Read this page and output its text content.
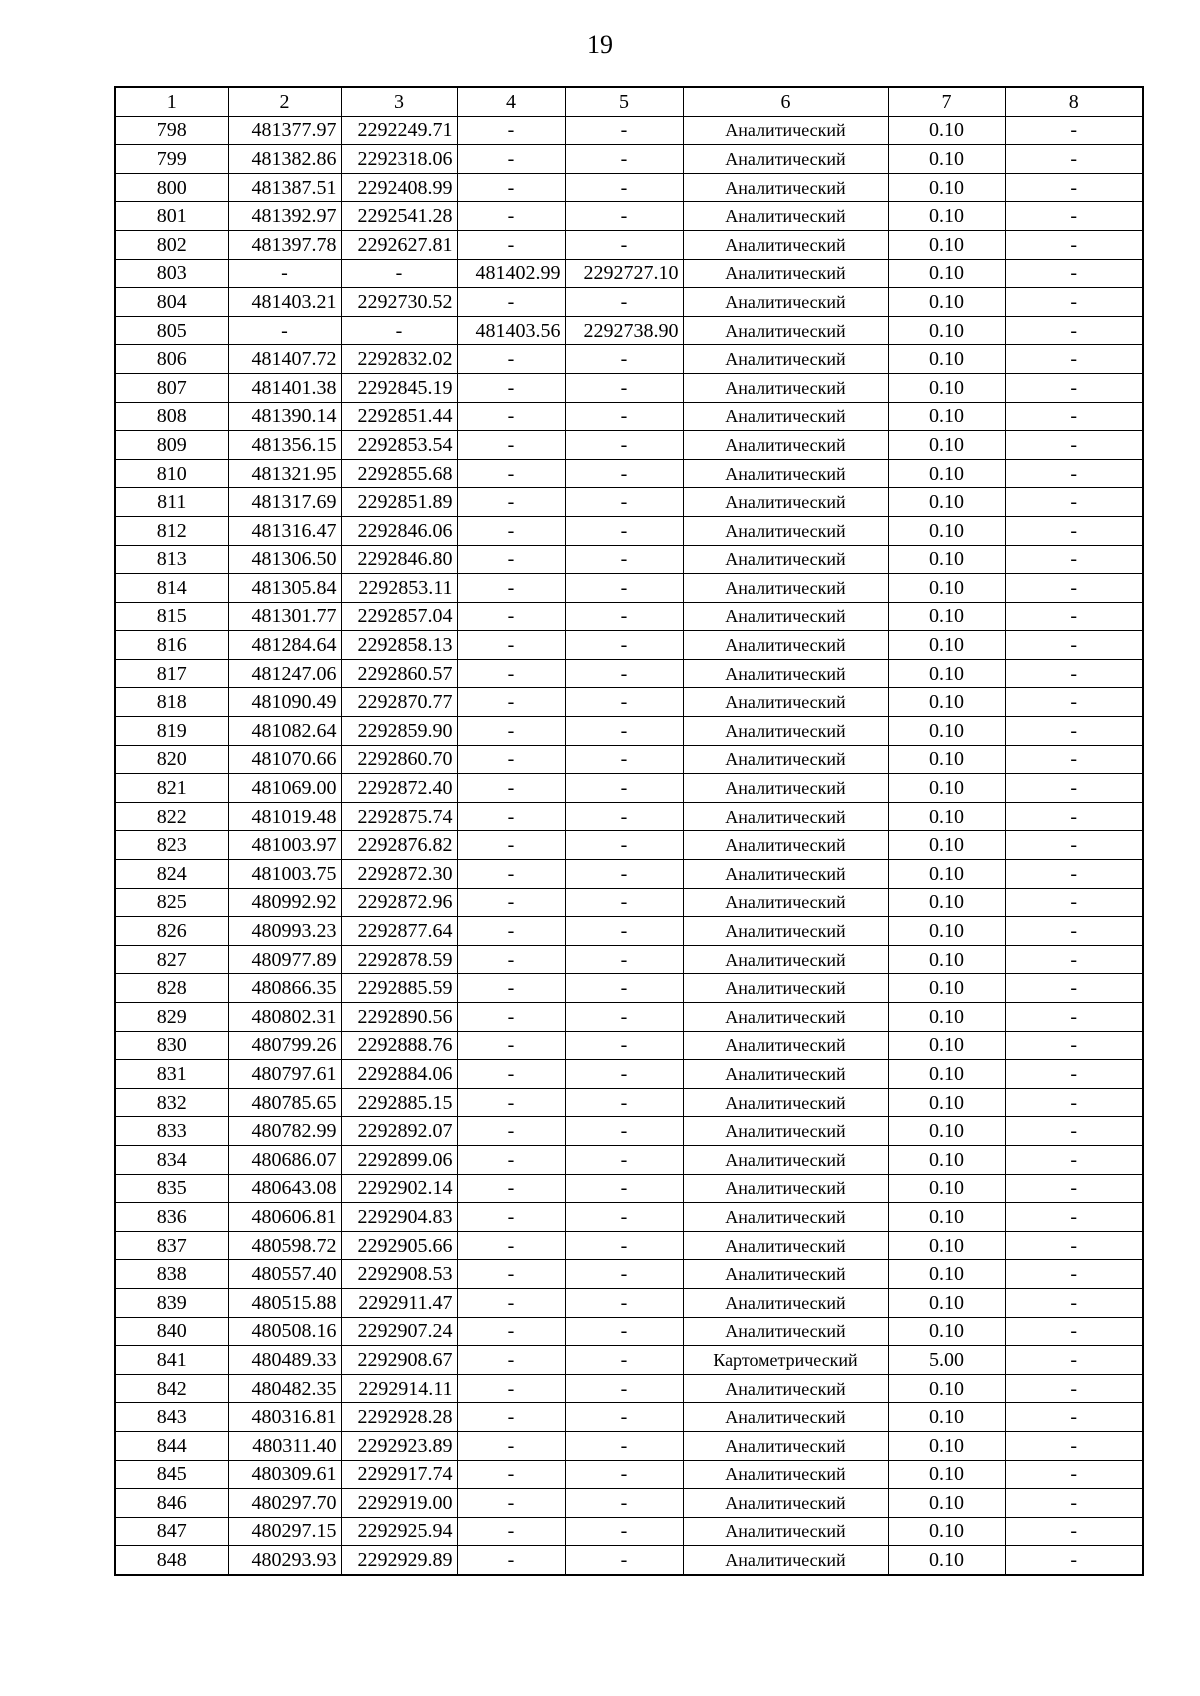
19
1	2	3	4	5	6	7	8
798	481377.97	2292249.71	-	-	Аналитический	0.10	-
799	481382.86	2292318.06	-	-	Аналитический	0.10	-
800	481387.51	2292408.99	-	-	Аналитический	0.10	-
801	481392.97	2292541.28	-	-	Аналитический	0.10	-
802	481397.78	2292627.81	-	-	Аналитический	0.10	-
803	-	-	481402.99	2292727.10	Аналитический	0.10	-
804	481403.21	2292730.52	-	-	Аналитический	0.10	-
805	-	-	481403.56	2292738.90	Аналитический	0.10	-
806	481407.72	2292832.02	-	-	Аналитический	0.10	-
807	481401.38	2292845.19	-	-	Аналитический	0.10	-
808	481390.14	2292851.44	-	-	Аналитический	0.10	-
809	481356.15	2292853.54	-	-	Аналитический	0.10	-
810	481321.95	2292855.68	-	-	Аналитический	0.10	-
811	481317.69	2292851.89	-	-	Аналитический	0.10	-
812	481316.47	2292846.06	-	-	Аналитический	0.10	-
813	481306.50	2292846.80	-	-	Аналитический	0.10	-
814	481305.84	2292853.11	-	-	Аналитический	0.10	-
815	481301.77	2292857.04	-	-	Аналитический	0.10	-
816	481284.64	2292858.13	-	-	Аналитический	0.10	-
817	481247.06	2292860.57	-	-	Аналитический	0.10	-
818	481090.49	2292870.77	-	-	Аналитический	0.10	-
819	481082.64	2292859.90	-	-	Аналитический	0.10	-
820	481070.66	2292860.70	-	-	Аналитический	0.10	-
821	481069.00	2292872.40	-	-	Аналитический	0.10	-
822	481019.48	2292875.74	-	-	Аналитический	0.10	-
823	481003.97	2292876.82	-	-	Аналитический	0.10	-
824	481003.75	2292872.30	-	-	Аналитический	0.10	-
825	480992.92	2292872.96	-	-	Аналитический	0.10	-
826	480993.23	2292877.64	-	-	Аналитический	0.10	-
827	480977.89	2292878.59	-	-	Аналитический	0.10	-
828	480866.35	2292885.59	-	-	Аналитический	0.10	-
829	480802.31	2292890.56	-	-	Аналитический	0.10	-
830	480799.26	2292888.76	-	-	Аналитический	0.10	-
831	480797.61	2292884.06	-	-	Аналитический	0.10	-
832	480785.65	2292885.15	-	-	Аналитический	0.10	-
833	480782.99	2292892.07	-	-	Аналитический	0.10	-
834	480686.07	2292899.06	-	-	Аналитический	0.10	-
835	480643.08	2292902.14	-	-	Аналитический	0.10	-
836	480606.81	2292904.83	-	-	Аналитический	0.10	-
837	480598.72	2292905.66	-	-	Аналитический	0.10	-
838	480557.40	2292908.53	-	-	Аналитический	0.10	-
839	480515.88	2292911.47	-	-	Аналитический	0.10	-
840	480508.16	2292907.24	-	-	Аналитический	0.10	-
841	480489.33	2292908.67	-	-	Картометрический	5.00	-
842	480482.35	2292914.11	-	-	Аналитический	0.10	-
843	480316.81	2292928.28	-	-	Аналитический	0.10	-
844	480311.40	2292923.89	-	-	Аналитический	0.10	-
845	480309.61	2292917.74	-	-	Аналитический	0.10	-
846	480297.70	2292919.00	-	-	Аналитический	0.10	-
847	480297.15	2292925.94	-	-	Аналитический	0.10	-
848	480293.93	2292929.89	-	-	Аналитический	0.10	-
